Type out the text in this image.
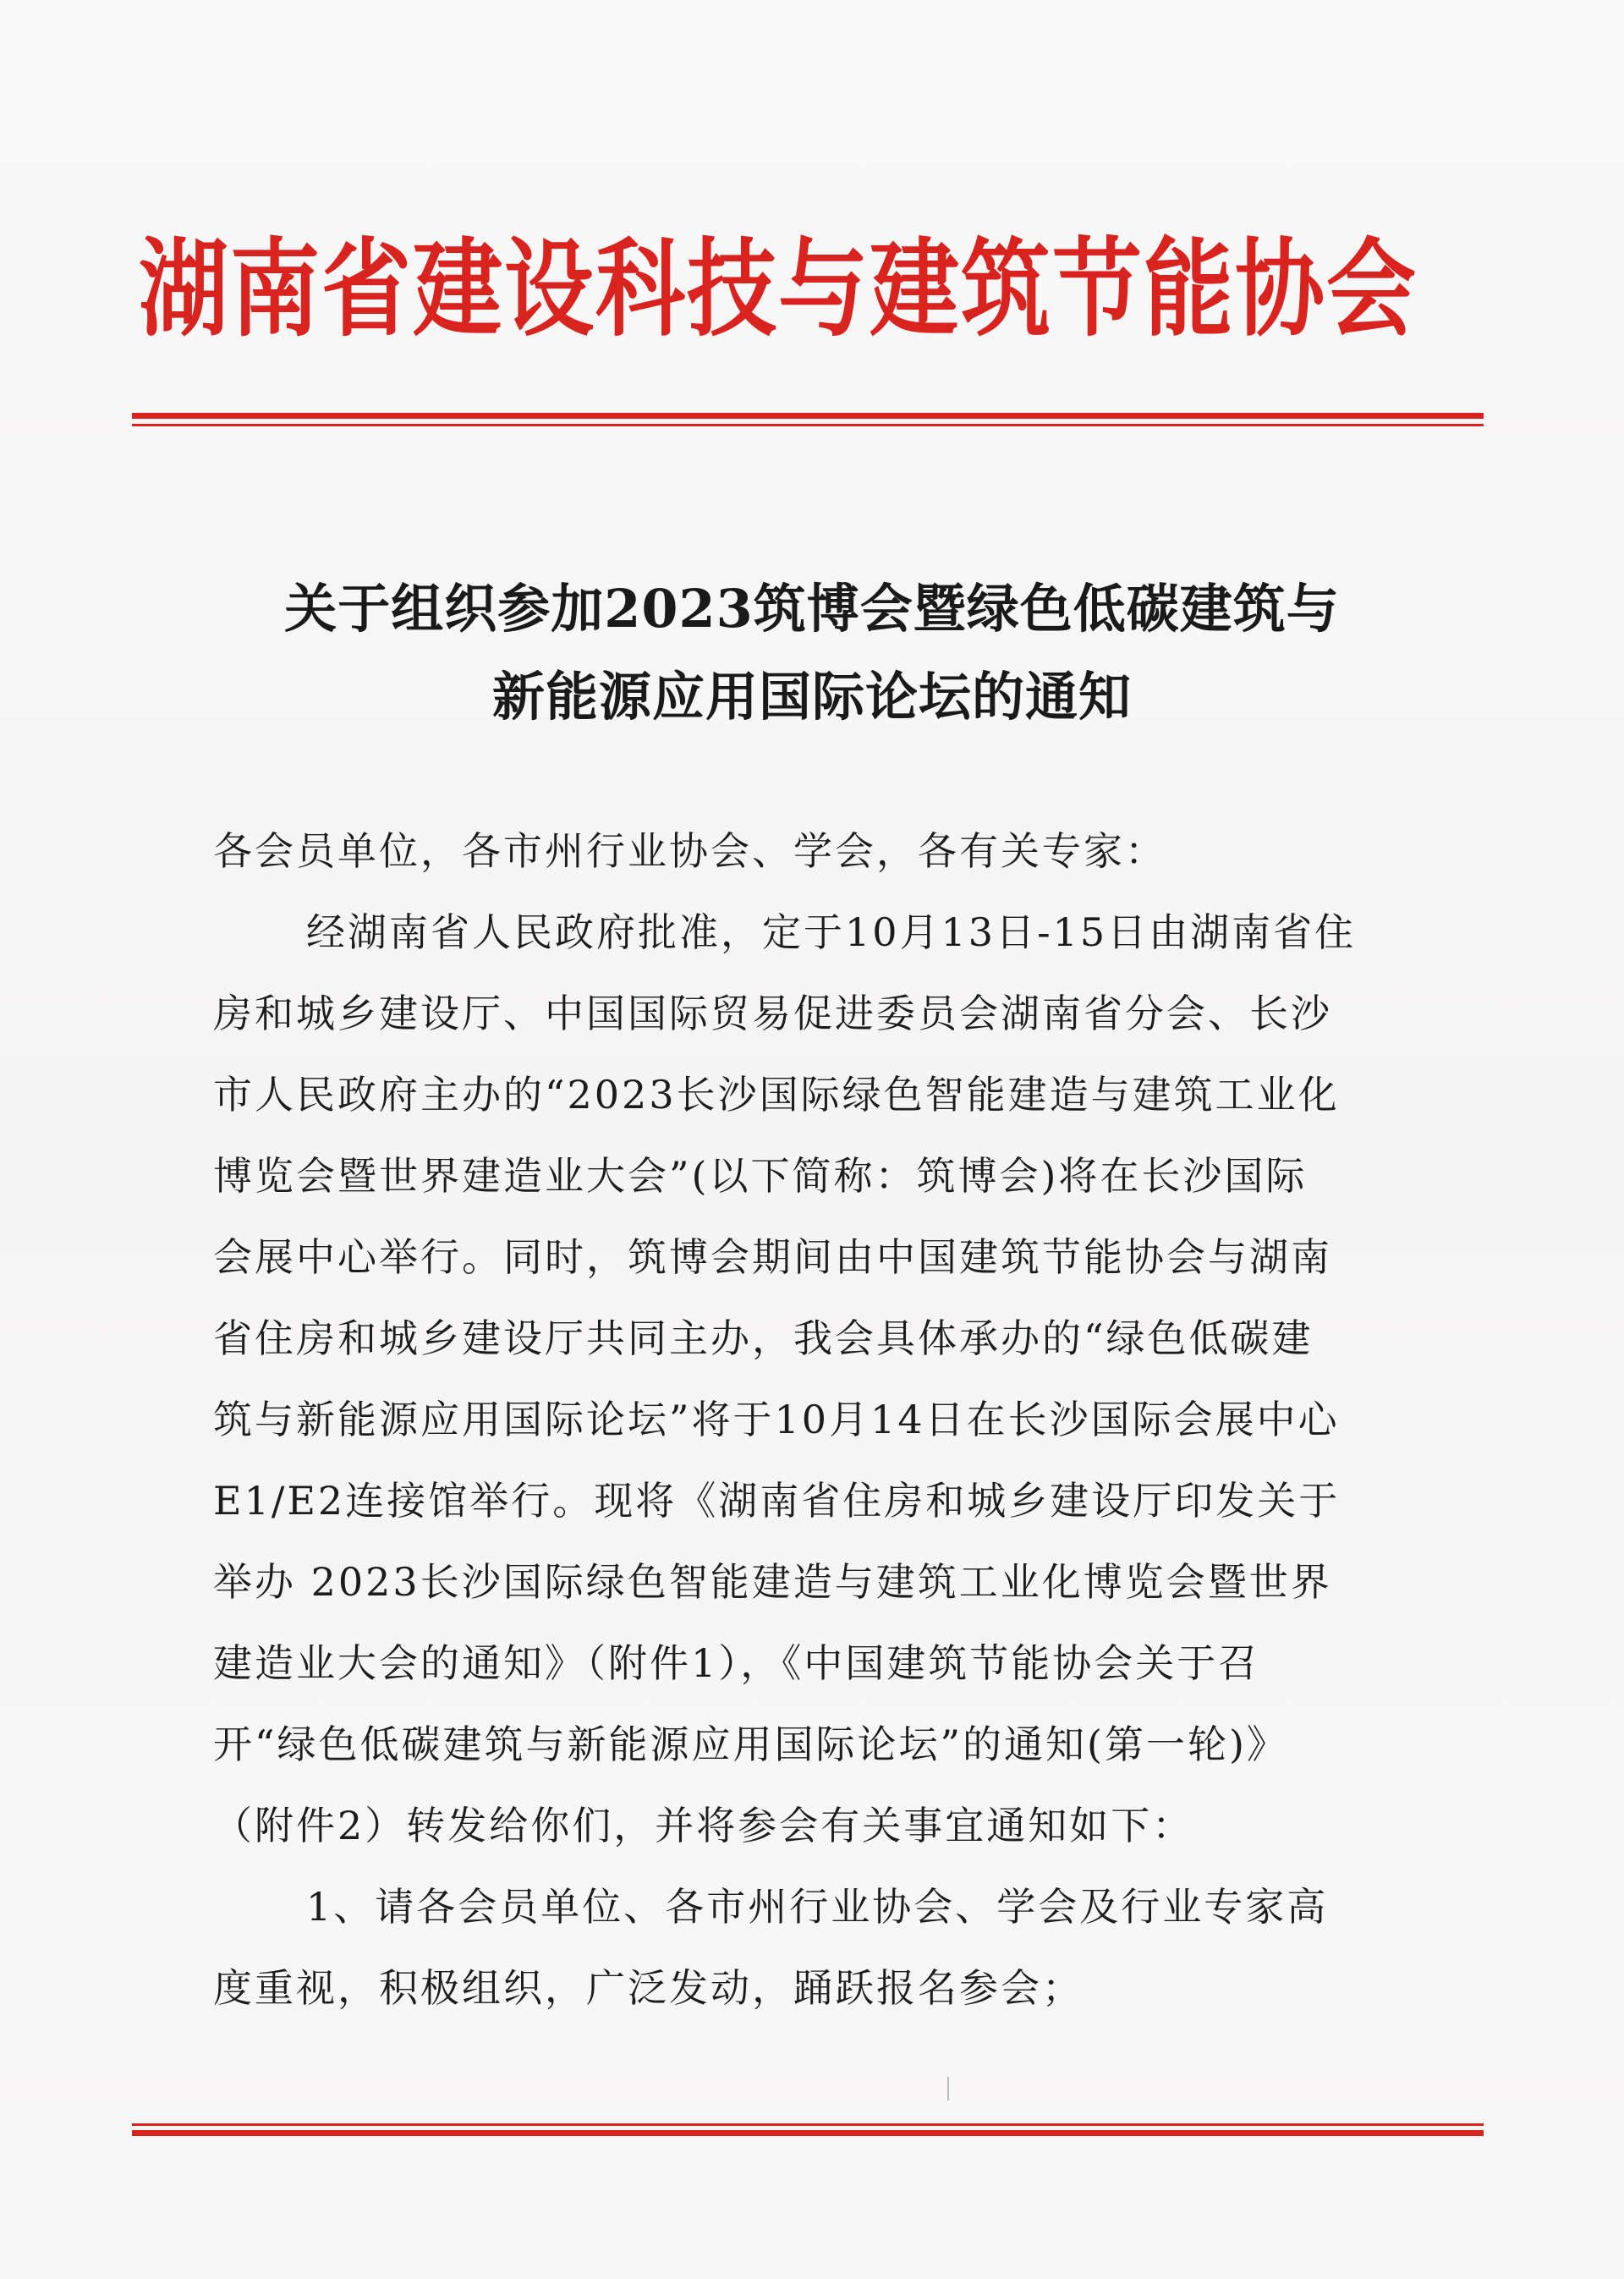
湖南省建设科技与建筑节能协会
关于组织参加2023筑博会暨绿色低碳建筑与
新能源应用国际论坛的通知

各会员单位，各市州行业协会、学会，各有关专家：

经湖南省人民政府批准，定于10月13日-15日由湖南省住

房和城乡建设厅、中国国际贸易促进委员会湖南省分会、长沙

市人民政府主办的“2023长沙国际绿色智能建造与建筑工业化

博览会暨世界建造业大会”(以下简称：筑博会)将在长沙国际

会展中心举行。同时，筑博会期间由中国建筑节能协会与湖南

省住房和城乡建设厅共同主办，我会具体承办的“绿色低碳建

筑与新能源应用国际论坛”将于10月14日在长沙国际会展中心

E1/E2连接馆举行。现将《湖南省住房和城乡建设厅印发关于

举办 2023长沙国际绿色智能建造与建筑工业化博览会暨世界

建造业大会的通知》（附件1），《中国建筑节能协会关于召

开“绿色低碳建筑与新能源应用国际论坛”的通知(第一轮)》

（附件2）转发给你们，并将参会有关事宜通知如下：

1、请各会员单位、各市州行业协会、学会及行业专家高

度重视，积极组织，广泛发动，踊跃报名参会；
